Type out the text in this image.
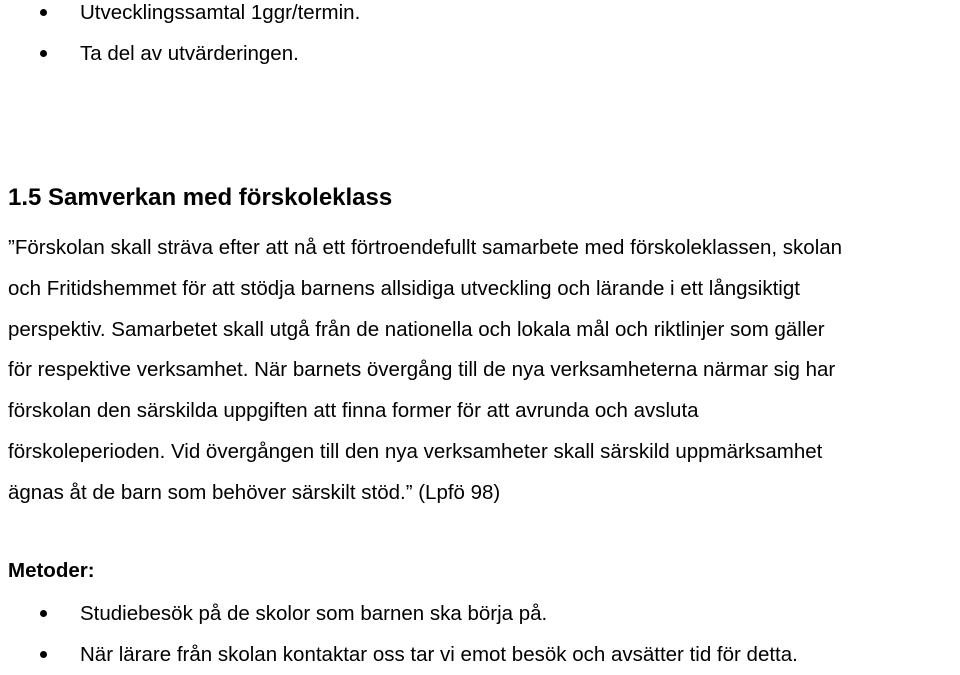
Utvecklingssamtal 1ggr/termin.
Ta del av utvärderingen.
1.5 Samverkan med förskoleklass

”Förskolan skall sträva efter att nå ett förtroendefullt samarbete med förskoleklassen, skolan
och Fritidshemmet för att stödja barnens allsidiga utveckling och lärande i ett långsiktigt
perspektiv. Samarbetet skall utgå från de nationella och lokala mål och riktlinjer som gäller
för respektive verksamhet. När barnets övergång till de nya verksamheterna närmar sig har
förskolan den särskilda uppgiften att finna former för att avrunda och avsluta
förskoleperioden. Vid övergången till den nya verksamheter skall särskild uppmärksamhet
ägnas åt de barn som behöver särskilt stöd.” (Lpfö 98)

Metoder:
Studiebesök på de skolor som barnen ska börja på.
När lärare från skolan kontaktar oss tar vi emot besök och avsätter tid för detta.
